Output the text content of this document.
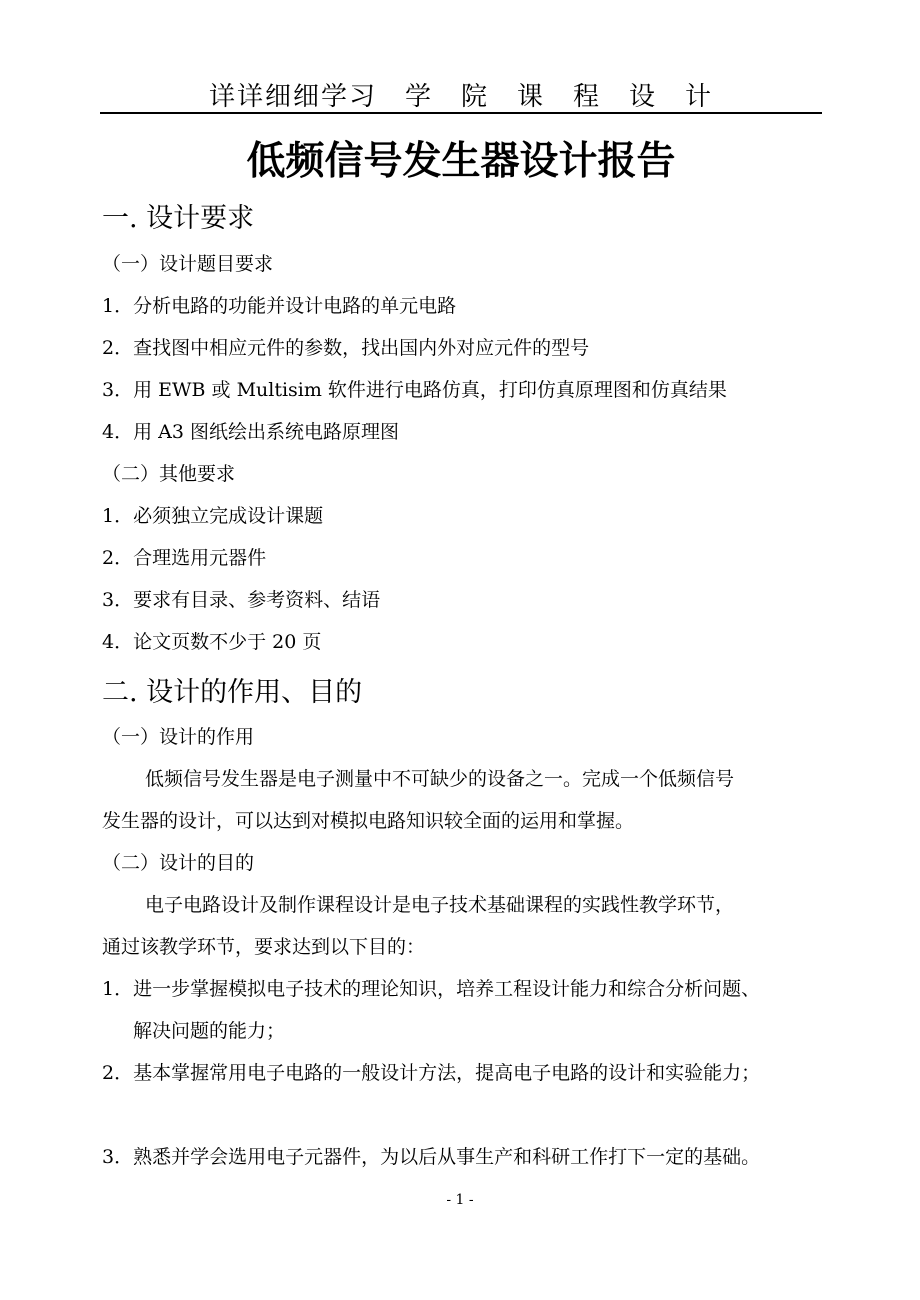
详详细细学习　学　院　课　程　设　计
低频信号发生器设计报告
一. 设计要求
（一）设计题目要求
1．分析电路的功能并设计电路的单元电路
2．查找图中相应元件的参数，找出国内外对应元件的型号
3．用 EWB 或 Multisim 软件进行电路仿真，打印仿真原理图和仿真结果
4．用 A3 图纸绘出系统电路原理图
（二）其他要求
1．必须独立完成设计课题
2．合理选用元器件
3．要求有目录、参考资料、结语
4．论文页数不少于 20 页
二. 设计的作用、目的
（一）设计的作用
低频信号发生器是电子测量中不可缺少的设备之一。完成一个低频信号
发生器的设计，可以达到对模拟电路知识较全面的运用和掌握。
（二）设计的目的
电子电路设计及制作课程设计是电子技术基础课程的实践性教学环节，
通过该教学环节，要求达到以下目的：
1．进一步掌握模拟电子技术的理论知识，培养工程设计能力和综合分析问题、
解决问题的能力；
2．基本掌握常用电子电路的一般设计方法，提高电子电路的设计和实验能力；
3．熟悉并学会选用电子元器件，为以后从事生产和科研工作打下一定的基础。
- 1 -
